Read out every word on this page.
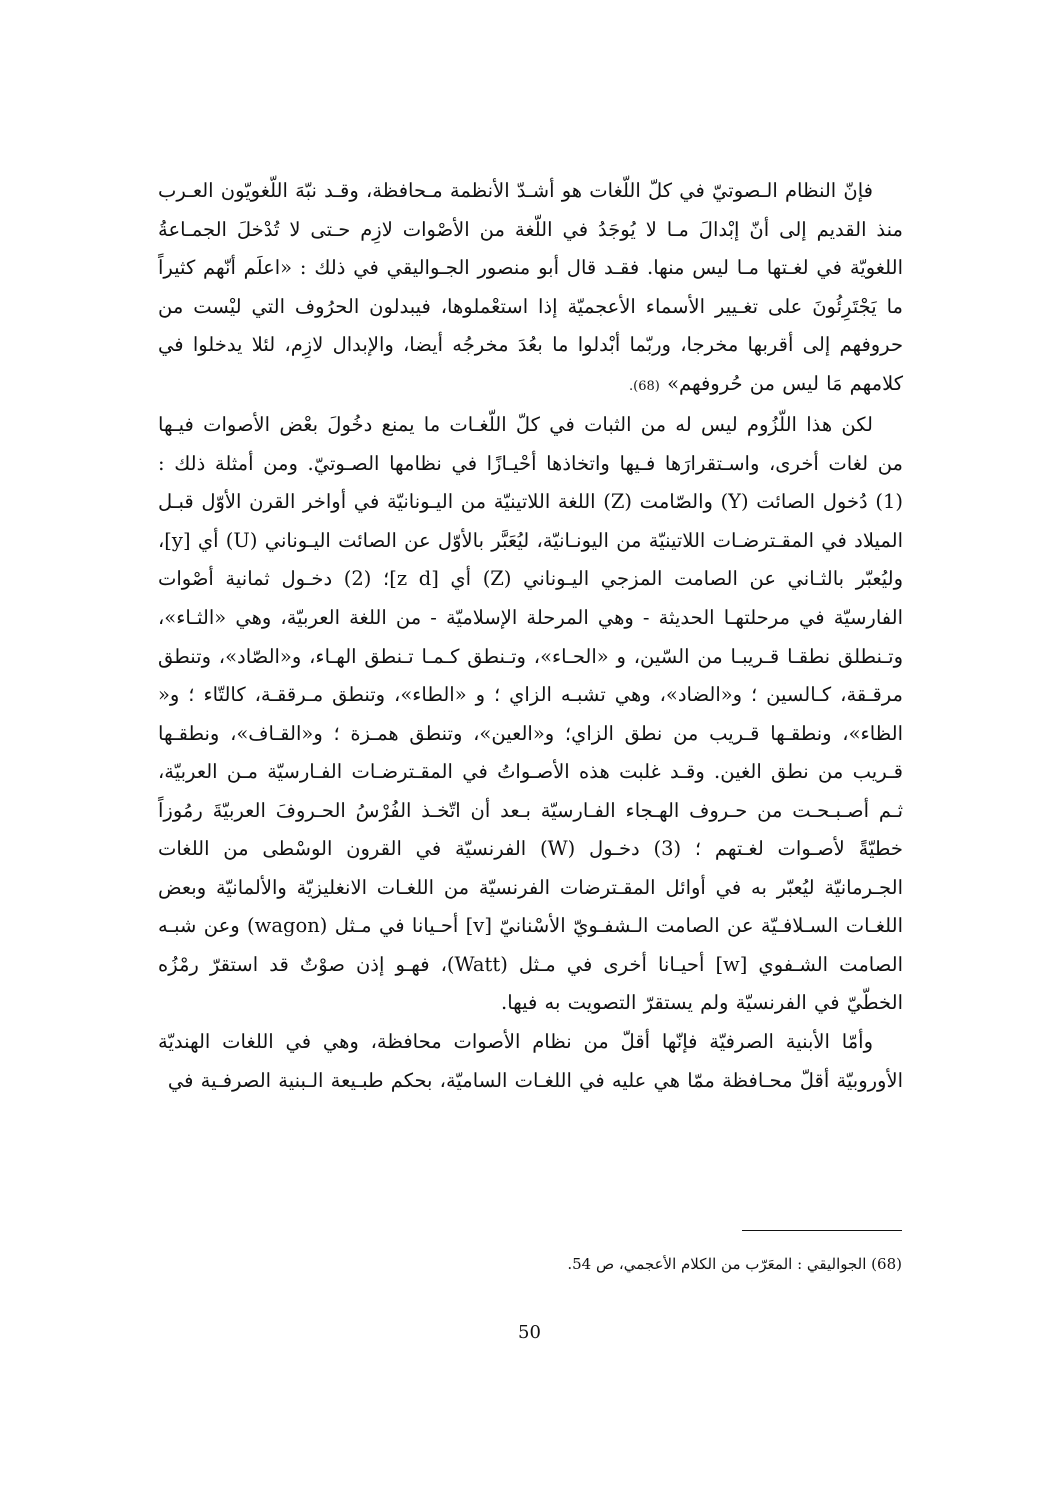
فإنّ النظام الـصوتيّ في كلّ اللّغات هو أشـدّ الأنظمة مـحافظة، وقـد نبّهَ اللّغويّون العـرب منذ القديم إلى أنّ إبْدالَ مـا لا يُوجَدُ في اللّغة من الأصْوات لازِم حـتى لا تُدْخلَ الجمـاعةُ اللغويّة في لغـتها مـا ليس منها. فقـد قال أبو منصور الجـواليقي في ذلك : «اعلَم أنّهم كثيراً ما يَجْتَرِئُونَ على تغـيير الأسماء الأعجميّة إذا استعْملوها، فيبدلون الحرُوف التي ليْست من حروفهم إلى أقربها مخرجا، وربّما أبْدلوا ما بعُدَ مخرجُه أيضا، والإبدال لازِم، لئلا يدخلوا في كلامهم مَا ليس من حُروفهم» (68).

لكن هذا اللّزُوم ليس له من الثبات في كلّ اللّغـات ما يمنع دخُولَ بعْض الأصوات فيـها من لغات أخرى، واسـتقرارَها فـيها واتخاذها أحْيـازًا في نظامها الصـوتيّ. ومن أمثلة ذلك : (1) دُخول الصائت (Y) والصّامت (Z) اللغة اللاتينيّة من اليـونانيّة في أواخر القرن الأوّل قبـل الميلاد في المقـترضـات اللاتينيّة من اليونـانيّة، ليُعَبَّر بالأوّل عن الصائت اليـوناني (U) أي [y]، وليُعبّر بالثـاني عن الصامت المزجي اليـوناني (Z) أي [z d]؛ (2) دخـول ثمانية أصْوات الفارسيّة في مرحلتهـا الحديثة - وهي المرحلة الإسلاميّة - من اللغة العربيّة، وهي «الثـاء»، وتـنطلق نطقـا قـريبـا من السّين، و «الحـاء»، وتـنطق كـمـا تـنطق الهـاء، و«الصّاد»، وتنطق مرقـقة، كـالسين ؛ و«الضاد»، وهي تشبـه الزاي ؛ و «الطاء»، وتنطق مـرققـة، كالتّاء ؛ و« الظاء»، ونطقـها قـريب من نطق الزاي؛ و«العين»، وتنطق همـزة ؛ و«القـاف»، ونطقـها قـريب من نطق الغين. وقـد غلبت هذه الأصـواتُ في المقـترضـات الفـارسيّة مـن العربيّة، ثـم أصـبـحـت من حـروف الهـجاء الفـارسيّة بـعد أن اتّخـذ الفُرْسُ الحـروفَ العربيّةَ رمُوزاً خطيّةً لأصـوات لغـتهم ؛ (3) دخـول (W) الفرنسيّة في القرون الوسْطى من اللغات الجـرمانيّة ليُعبّر به في أوائل المقـترضات الفرنسيّة من اللغـات الانغليزيّة والألمانيّة وبعض اللغـات السـلافـيّة عن الصامت الـشفـويّ الأسْنانيّ [v] أحـيانا في مـثل (wagon) وعن شبـه الصامت الشـفوي [w] أحيـانا أخرى في مـثل (Watt)، فهـو إذن صوْتٌ قد استقرّ رمْزُه الخطّيّ في الفرنسيّة ولم يستقرّ التصويت به فيها.

وأمّا الأبنية الصرفيّة فإنّها أقلّ من نظام الأصوات محافظة، وهي في اللغات الهنديّة الأوروبيّة أقلّ محـافظة ممّا هي عليه في اللغـات الساميّة، بحكم طبـيعة الـبنية الصرفـية في

(68) الجواليقي : المعَرّب من الكلام الأعجمي، ص 54.

50
